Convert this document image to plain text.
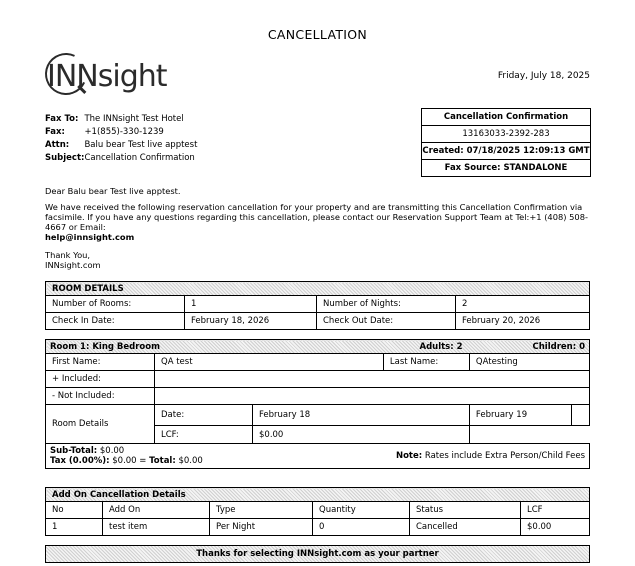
CANCELLATION
INNsight	Friday, July 18, 2025
Fax To:	The INNsight Test Hotel
Fax:	+1(855)-330-1239
Attn:	Balu bear Test live apptest
Subject:	Cancellation Confirmation
Cancellation Confirmation
13163033-2392-283
Created: 07/18/2025 12:09:13 GMT
Fax Source: STANDALONE

Dear Balu bear Test live apptest.

We have received the following reservation cancellation for your property and are transmitting this Cancellation Confirmation via facsimile. If you have any questions regarding this cancellation, please contact our Reservation Support Team at Tel:+1 (408) 508-4667 or Email:
help@innsight.com

Thank You,
INNsight.com

ROOM DETAILS			
Number of Rooms:	1	Number of Nights:	2
Check In Date:	February 18, 2026	Check Out Date:	February 20, 2026
Room 1: King Bedroom Children: 0
Adults: 2				

First Name:	QA test		Last Name:	QAtesting
+ Included:				
- Not Included:				
Room Details	Date:	February 18		February 19

	LCF:	$0.00		

Note: Rates include Extra Person/Child Fees
Sub-Total: $0.00
Tax (0.00%): $0.00 = Total: $0.00				
Add On Cancellation Details					
No	Add On	Type	Quantity	Status	LCF
1	test item	Per Night	0	Cancelled	$0.00
Thanks for selecting INNsight.com as your partner
